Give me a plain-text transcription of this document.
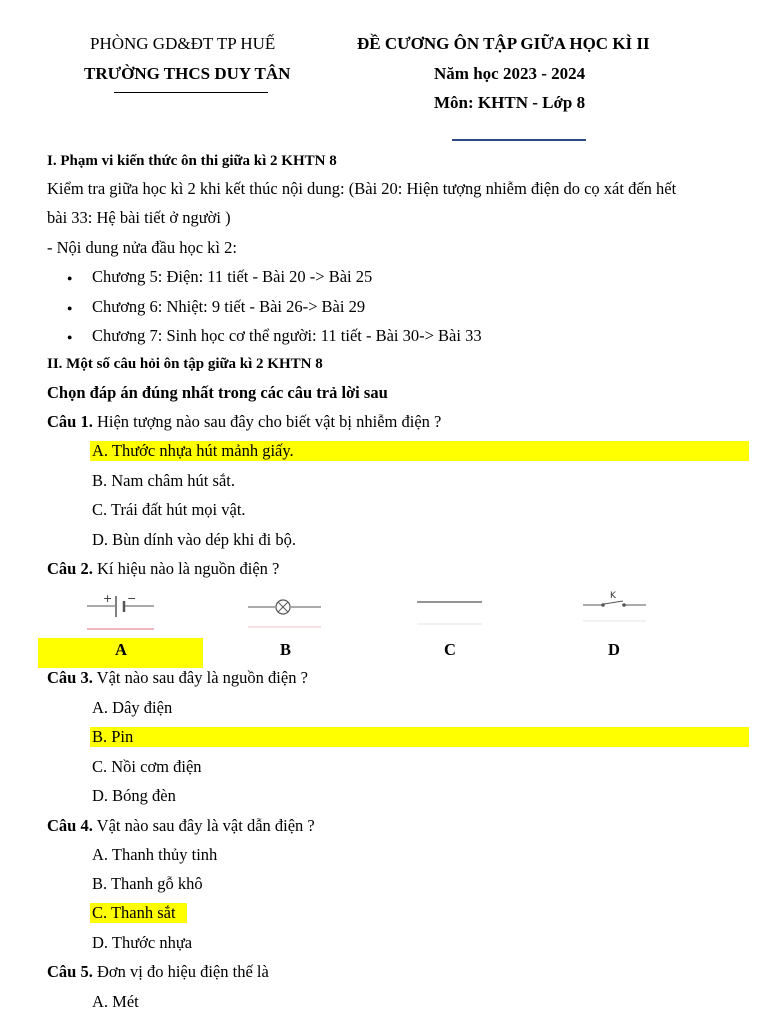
PHÒNG GD&ĐT TP HUẾ
TRƯỜNG THCS DUY TÂN
ĐỀ CƯƠNG ÔN TẬP GIỮA HỌC KÌ II
Năm học 2023 - 2024
Môn: KHTN - Lớp 8
I. Phạm vi kiến thức ôn thi giữa kì 2 KHTN 8
Kiểm tra giữa học kì 2 khi kết thúc nội dung: (Bài 20: Hiện tượng nhiễm điện do cọ xát đến hết
bài 33: Hệ bài tiết ở người )
- Nội dung nửa đầu học kì 2:
● Chương 5: Điện: 11 tiết - Bài 20 -> Bài 25
● Chương 6: Nhiệt: 9 tiết - Bài 26-> Bài 29
● Chương 7: Sinh học cơ thể người: 11 tiết - Bài 30-> Bài 33
II. Một số câu hỏi ôn tập giữa kì 2 KHTN 8
Chọn đáp án đúng nhất trong các câu trả lời sau
Câu 1. Hiện tượng nào sau đây cho biết vật bị nhiễm điện ?
A. Thước nhựa hút mảnh giấy.
B. Nam châm hút sắt.
C. Trái đất hút mọi vật.
D. Bùn dính vào dép khi đi bộ.
Câu 2. Kí hiệu nào là nguồn điện ?
+ −	K
A	B	C	D
Câu 3. Vật nào sau đây là nguồn điện ?
A. Dây điện
B. Pin
C. Nồi cơm điện
D. Bóng đèn
Câu 4. Vật nào sau đây là vật dẫn điện ?
A. Thanh thủy tinh
B. Thanh gỗ khô
C. Thanh sắt
D. Thước nhựa
Câu 5. Đơn vị đo hiệu điện thế là
A. Mét
